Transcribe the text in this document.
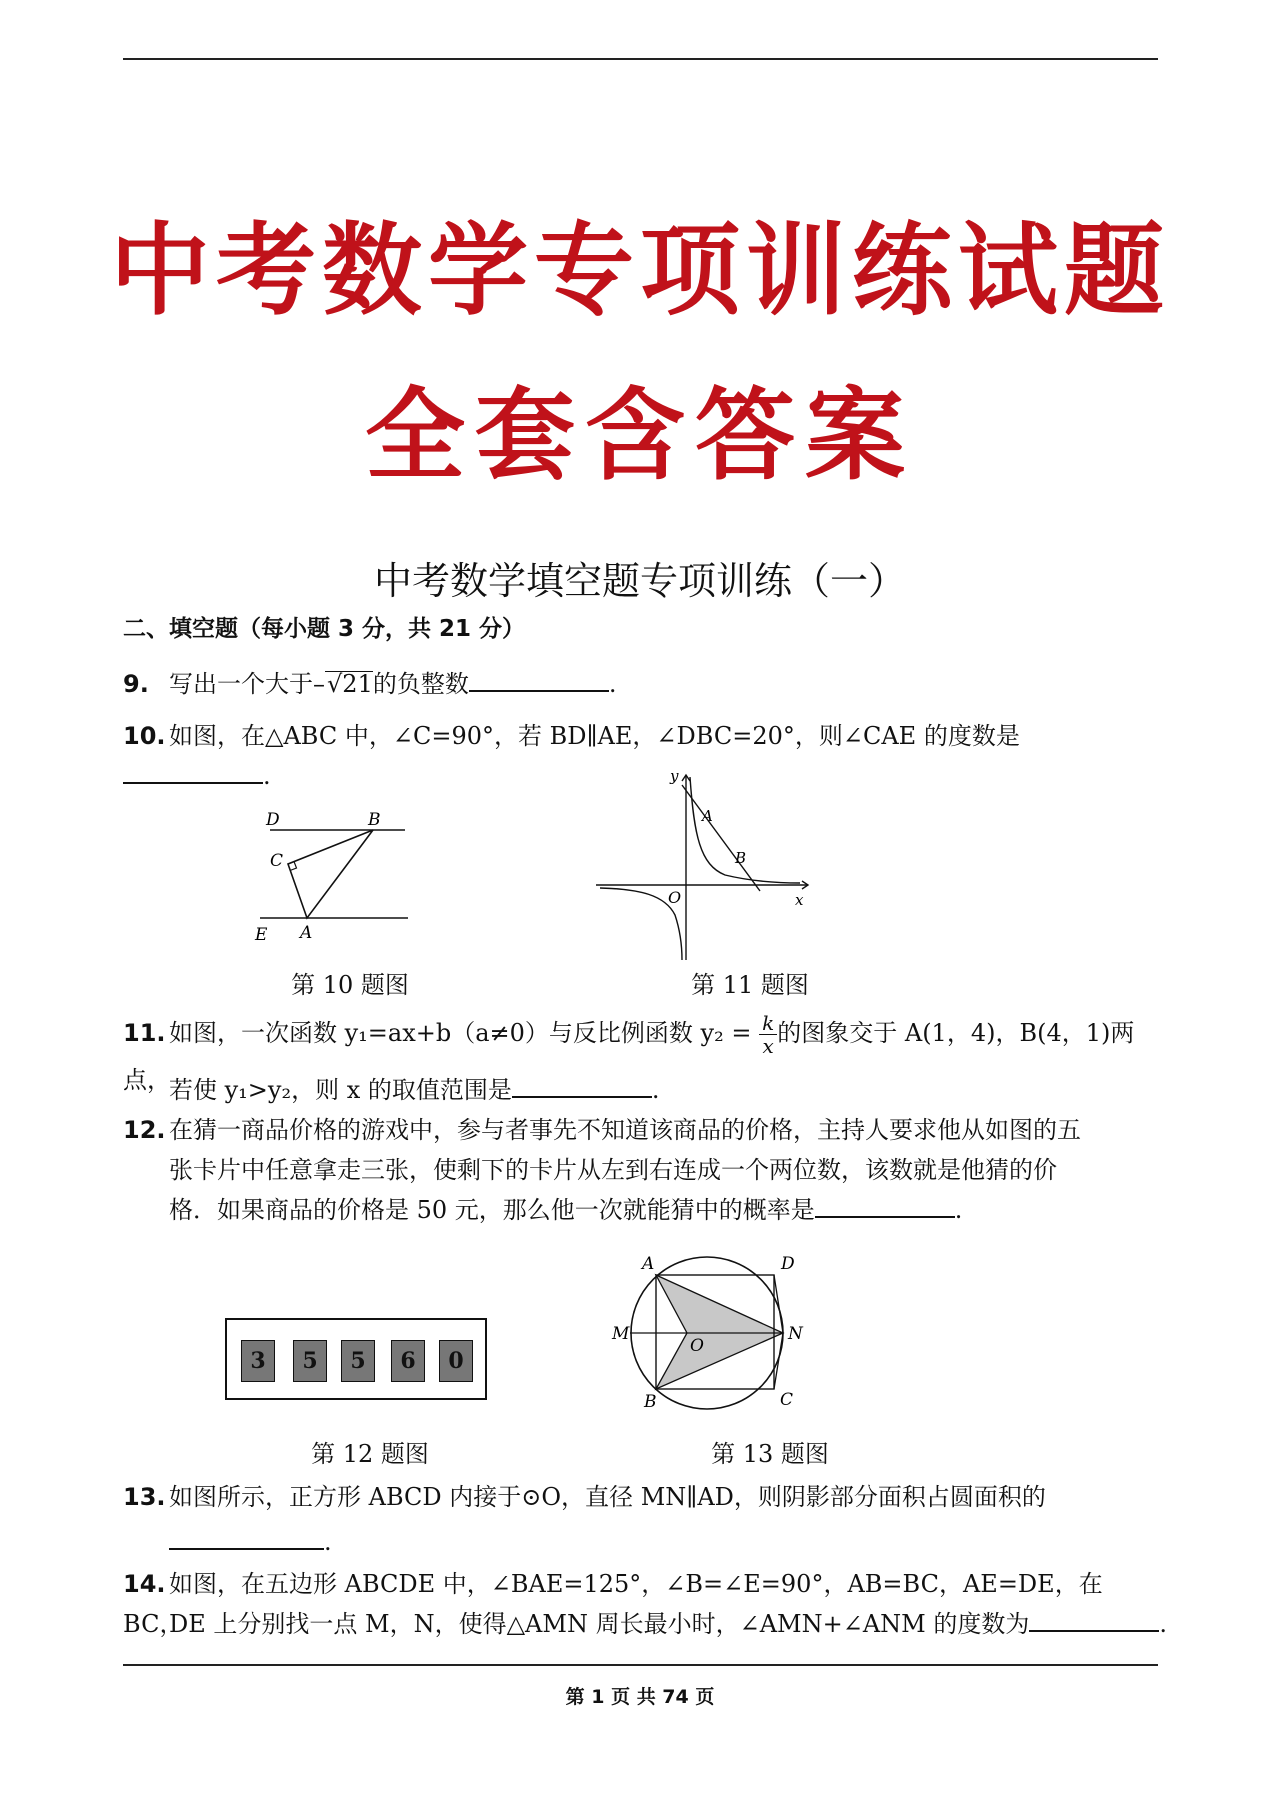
中考数学专项训练试题
全套含答案
中考数学填空题专项训练（一）
二、填空题（每小题 3 分，共 21 分）
9. 写出一个大于–√21的负整数	.
10. 如图，在△ABC 中，∠C=90°，若 BD∥AE，∠DBC=20°，则∠CAE 的度数是.
D	B
C
E A
第 10 题图
y
x
O
A
B
第 11 题图
11. 如图，一次函数 y₁=ax+b（a≠0）与反比例函数 $y_2 = \frac{k}{x}$ 的图象交于 A(1，4)，B(4，1)两点，
若使 y₁>y₂，则 x 的取值范围是	.
12. 在猜一商品价格的游戏中，参与者事先不知道该商品的价格，主持人要求他从如图的五
张卡片中任意拿走三张，使剩下的卡片从左到右连成一个两位数，该数就是他猜的价
格．如果商品的价格是 50 元，那么他一次就能猜中的概率是	.
3	5	5	6	0
第 12 题图
A	D
M	N
O
B	C
第 13 题图
13. 如图所示，正方形 ABCD 内接于⊙O，直径 MN∥AD，则阴影部分面积占圆面积的
.
14. 如图，在五边形 ABCDE 中，∠BAE=125°，∠B=∠E=90°，AB=BC，AE=DE，在 BC，
DE 上分别找一点 M，N，使得△AMN 周长最小时，∠AMN+∠ANM 的度数为	.
第 1 页 共 74 页
